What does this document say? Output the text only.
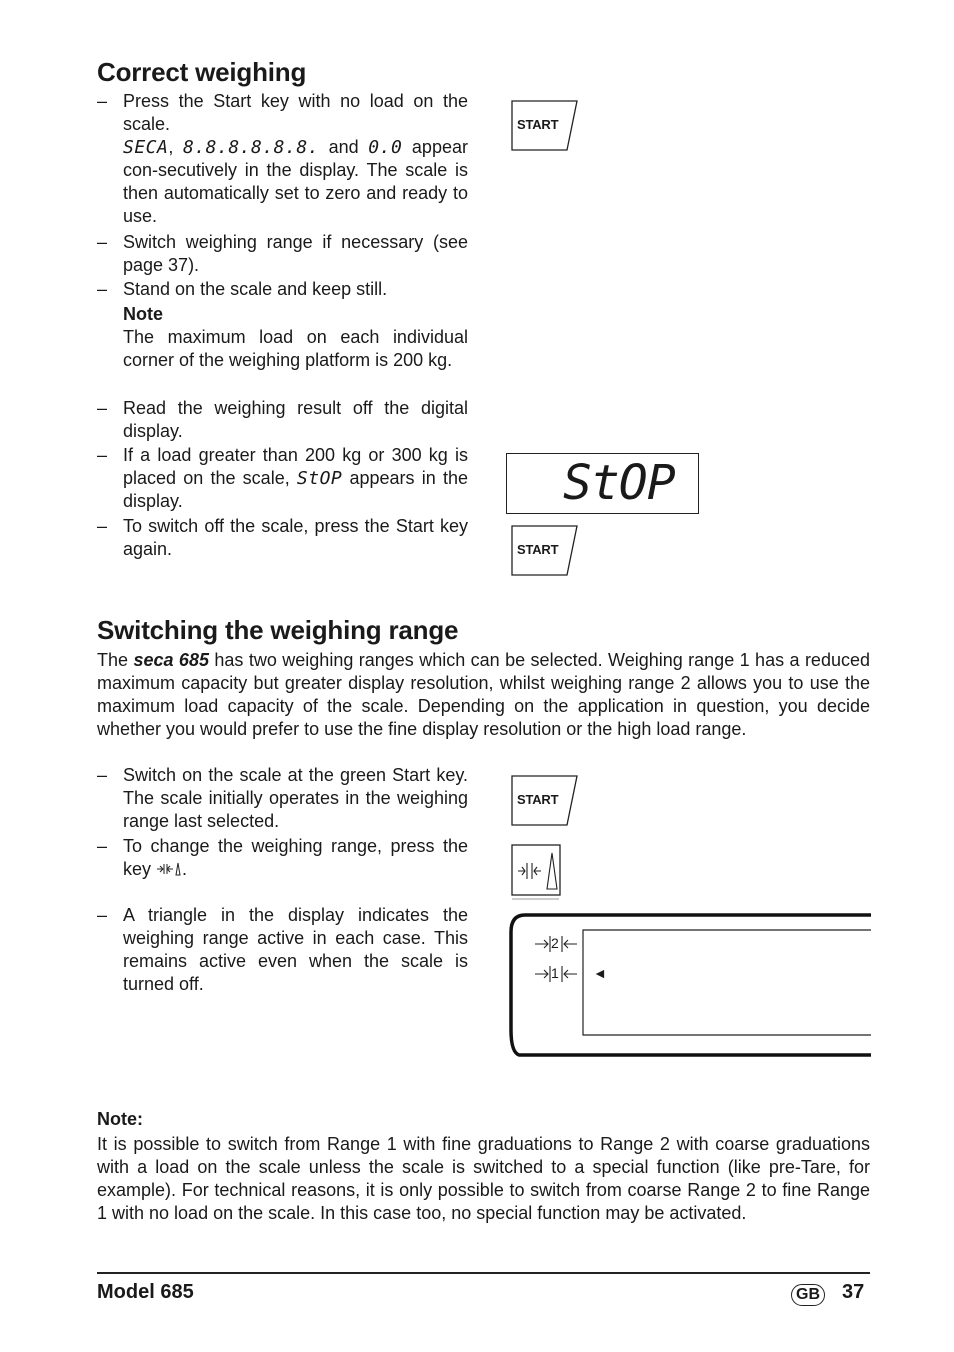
Correct weighing
– Press the Start key with no load on the scale.
SECA, 8.8.8.8.8.8. and 0.0 appear con-secutively in the display. The scale is then automatically set to zero and ready to use.
– Switch weighing range if necessary (see page 37).
– Stand on the scale and keep still.
Note
The maximum load on each individual corner of the weighing platform is 200 kg.
– Read the weighing result off the digital display.
– If a load greater than 200 kg or 300 kg is placed on the scale, StOP appears in the display.
– To switch off the scale, press the Start key again.
START
StOP
START
Switching the weighing range
The seca 685 has two weighing ranges which can be selected. Weighing range 1 has a reduced maximum capacity but greater display resolution, whilst weighing range 2 allows you to use the maximum load capacity of the scale. Depending on the application in question, you decide whether you would prefer to use the fine display resolution or the high load range.
– Switch on the scale at the green Start key. The scale initially operates in the weighing range last selected.
– To change the weighing range, press the key .
– A triangle in the display indicates the weighing range active in each case. This remains active even when the scale is turned off.
START
2
1 ◄
Note:
It is possible to switch from Range 1 with fine graduations to Range 2 with coarse graduations with a load on the scale unless the scale is switched to a special function (like pre-Tare, for example). For technical reasons, it is only possible to switch from coarse Range 2 to fine Range 1 with no load on the scale. In this case too, no special function may be activated.
Model 685	GB 37
